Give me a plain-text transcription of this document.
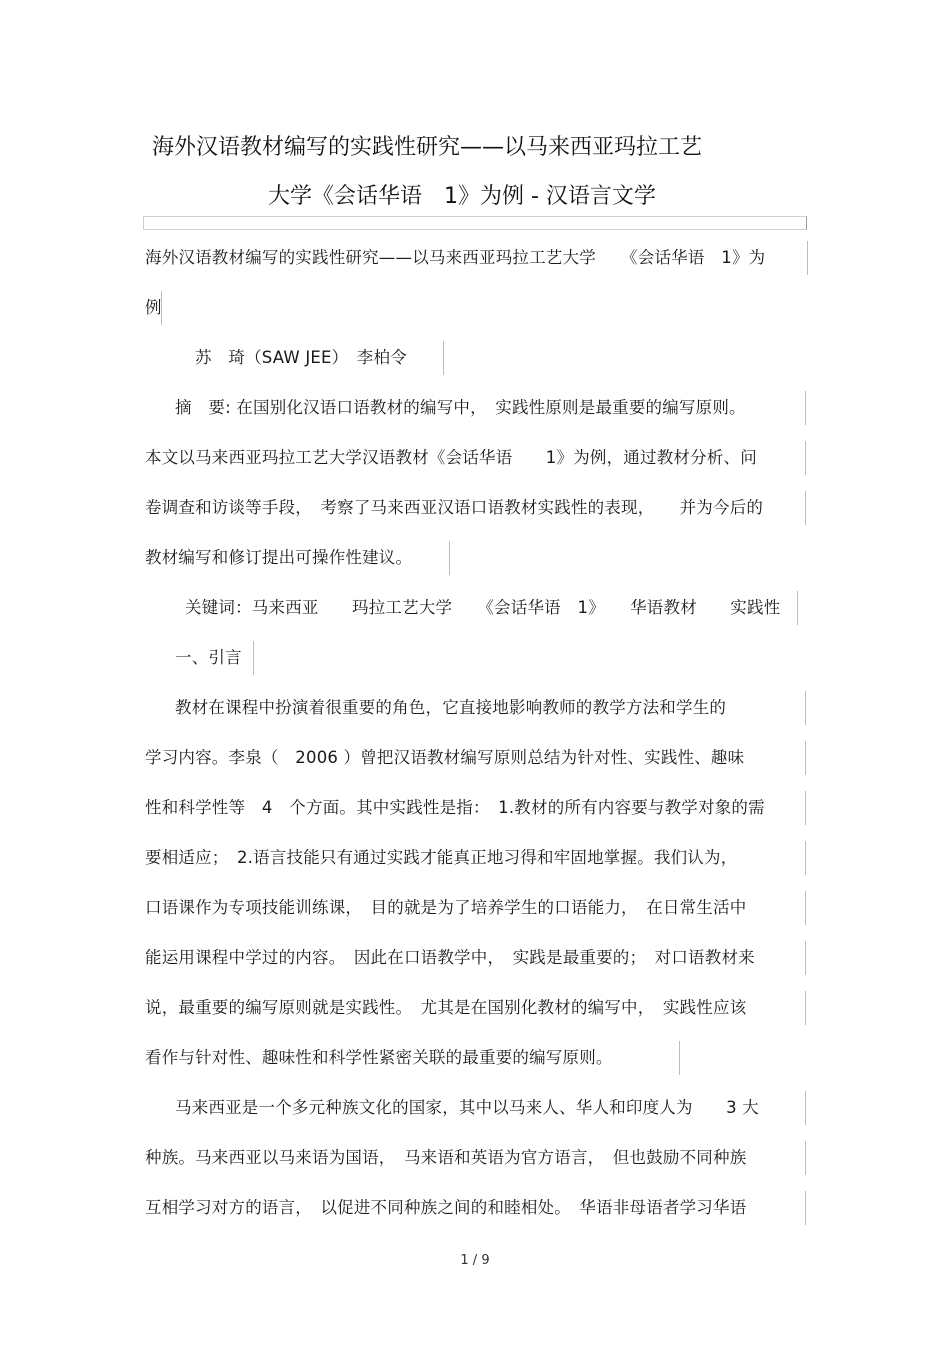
海外汉语教材编写的实践性研究——以马来西亚玛拉工艺
大学《会话华语　1》为例 - 汉语言文学
海外汉语教材编写的实践性研究——以马来西亚玛拉工艺大学　　《会话华语　1》为
例
苏　琦（SAW JEE）　李柏令
摘　要: 在国别化汉语口语教材的编写中，　实践性原则是最重要的编写原则。
本文以马来西亚玛拉工艺大学汉语教材《会话华语　　1》为例，通过教材分析、问
卷调查和访谈等手段，　考察了马来西亚汉语口语教材实践性的表现，　　并为今后的
教材编写和修订提出可操作性建议。
关键词：马来西亚　　玛拉工艺大学　　《会话华语　1》　　华语教材　　实践性
一、引言
教材在课程中扮演着很重要的角色，它直接地影响教师的教学方法和学生的
学习内容。李泉（　2006 ）曾把汉语教材编写原则总结为针对性、实践性、趣味
性和科学性等　4　个方面。其中实践性是指：　1.教材的所有内容要与教学对象的需
要相适应；　2.语言技能只有通过实践才能真正地习得和牢固地掌握。我们认为，
口语课作为专项技能训练课，　目的就是为了培养学生的口语能力，　在日常生活中
能运用课程中学过的内容。　因此在口语教学中，　实践是最重要的；　对口语教材来
说，最重要的编写原则就是实践性。　尤其是在国别化教材的编写中，　实践性应该
看作与针对性、趣味性和科学性紧密关联的最重要的编写原则。
马来西亚是一个多元种族文化的国家，其中以马来人、华人和印度人为　　3 大
种族。马来西亚以马来语为国语，　马来语和英语为官方语言，　但也鼓励不同种族
互相学习对方的语言，　以促进不同种族之间的和睦相处。　华语非母语者学习华语
1 / 9
